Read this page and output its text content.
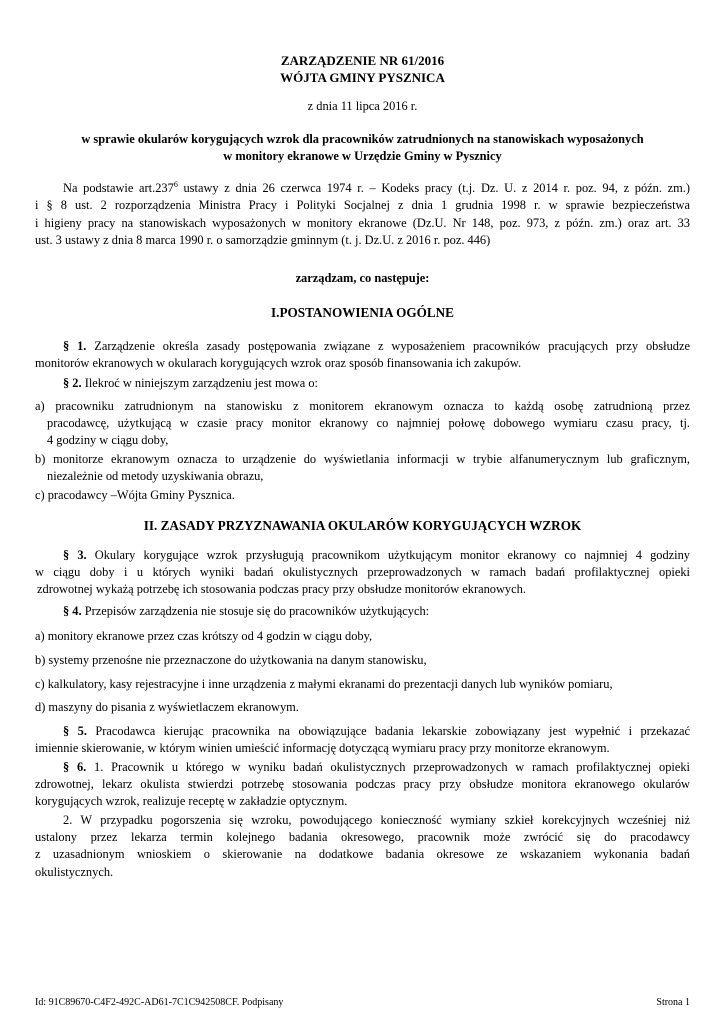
ZARZĄDZENIE NR 61/2016
WÓJTA GMINY PYSZNICA
z dnia 11 lipca 2016 r.
w sprawie okularów korygujących wzrok dla pracowników zatrudnionych na stanowiskach wyposażonych
w monitory ekranowe w Urzędzie Gminy w Pysznicy
Na podstawie art.237$^6$ ustawy z dnia 26 czerwca 1974 r. – Kodeks pracy (t.j. Dz. U. z 2014 r. poz. 94, z późn. zm.)
i § 8 ust. 2 rozporządzenia Ministra Pracy i Polityki Socjalnej z dnia 1 grudnia 1998 r. w sprawie bezpieczeństwa
i higieny pracy na stanowiskach wyposażonych w monitory ekranowe (Dz.U. Nr 148, poz. 973, z późn. zm.) oraz art. 33
ust. 3 ustawy z dnia 8 marca 1990 r. o samorządzie gminnym (t. j. Dz.U. z 2016 r. poz. 446)
zarządzam, co następuje:
I.POSTANOWIENIA OGÓLNE
§ 1. Zarządzenie określa zasady postępowania związane z wyposażeniem pracowników pracujących przy obsłudze
monitorów ekranowych w okularach korygujących wzrok oraz sposób finansowania ich zakupów.
§ 2. Ilekroć w niniejszym zarządzeniu jest mowa o:
a) pracowniku zatrudnionym na stanowisku z monitorem ekranowym oznacza to każdą osobę zatrudnioną przez
pracodawcę, użytkującą w czasie pracy monitor ekranowy co najmniej połowę dobowego wymiaru czasu pracy, tj.
4 godziny w ciągu doby,
b) monitorze ekranowym oznacza to urządzenie do wyświetlania informacji w trybie alfanumerycznym lub graficznym,
niezależnie od metody uzyskiwania obrazu,
c) pracodawcy –Wójta Gminy Pysznica.
II. ZASADY PRZYZNAWANIA OKULARÓW KORYGUJĄCYCH WZROK
§ 3. Okulary korygujące wzrok przysługują pracownikom użytkującym monitor ekranowy co najmniej 4 godziny
w ciągu doby i u których wyniki badań okulistycznych przeprowadzonych w ramach badań profilaktycznej opieki
zdrowotnej wykażą potrzebę ich stosowania podczas pracy przy obsłudze monitorów ekranowych.
§ 4. Przepisów zarządzenia nie stosuje się do pracowników użytkujących:
a) monitory ekranowe przez czas krótszy od 4 godzin w ciągu doby,
b) systemy przenośne nie przeznaczone do użytkowania na danym stanowisku,
c) kalkulatory, kasy rejestracyjne i inne urządzenia z małymi ekranami do prezentacji danych lub wyników pomiaru,
d) maszyny do pisania z wyświetlaczem ekranowym.
§ 5. Pracodawca kierując pracownika na obowiązujące badania lekarskie zobowiązany jest wypełnić i przekazać
imiennie skierowanie, w którym winien umieścić informację dotyczącą wymiaru pracy przy monitorze ekranowym.
§ 6. 1. Pracownik u którego w wyniku badań okulistycznych przeprowadzonych w ramach profilaktycznej opieki
zdrowotnej, lekarz okulista stwierdzi potrzebę stosowania podczas pracy przy obsłudze monitora ekranowego okularów
korygujących wzrok, realizuje receptę w zakładzie optycznym.
2. W przypadku pogorszenia się wzroku, powodującego konieczność wymiany szkieł korekcyjnych wcześniej niż
ustalony przez lekarza termin kolejnego badania okresowego, pracownik może zwrócić się do pracodawcy
z uzasadnionym wnioskiem o skierowanie na dodatkowe badania okresowe ze wskazaniem wykonania badań
okulistycznych.
Id: 91C89670-C4F2-492C-AD61-7C1C942508CF. Podpisany	Strona 1
